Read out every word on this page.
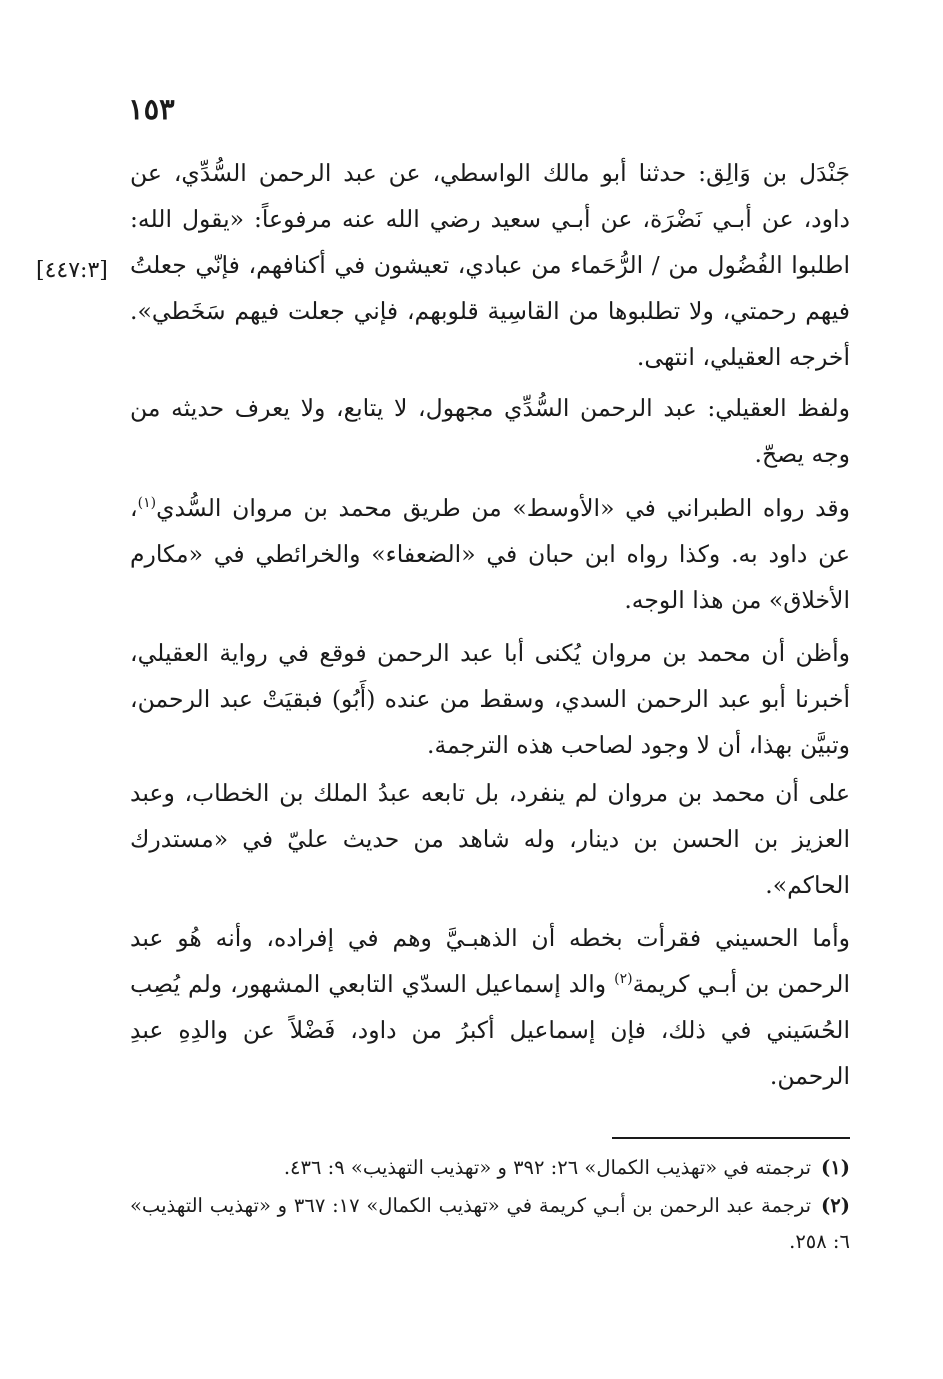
١٥٣
[٤٤٧:٣]

جَنْدَل بن وَالِق: حدثنا أبو مالك الواسطي، عن عبد الرحمن السُّدِّي، عن داود، عن أبـي نَضْرَة، عن أبـي سعيد رضي الله عنه مرفوعاً: «يقول الله: اطلبوا الفُضُول من / الرُّحَماء من عبادي، تعيشون في أكنافهم، فإنّي جعلتُ فيهم رحمتي، ولا تطلبوها من القاسِية قلوبهم، فإني جعلت فيهم سَخَطي». أخرجه العقيلي، انتهى.

ولفظ العقيلي: عبد الرحمن السُّدِّي مجهول، لا يتابع، ولا يعرف حديثه من وجه يصحّ.

وقد رواه الطبراني في «الأوسط» من طريق محمد بن مروان السُّدي$^{(١)}$، عن داود به. وكذا رواه ابن حبان في «الضعفاء» والخرائطي في «مكارم الأخلاق» من هذا الوجه.

وأظن أن محمد بن مروان يُكنى أبا عبد الرحمن فوقع في رواية العقيلي، أخبرنا أبو عبد الرحمن السدي، وسقط من عنده (أَبُو) فبقيَتْ عبد الرحمن، وتبيَّن بهذا، أن لا وجود لصاحب هذه الترجمة.

على أن محمد بن مروان لم ينفرد، بل تابعه عبدُ الملك بن الخطاب، وعبد العزيز بن الحسن بن دينار، وله شاهد من حديث عليّ في «مستدرك الحاكم».

وأما الحسيني فقرأت بخطه أن الذهبـيَّ وهم في إفراده، وأنه هُو عبد الرحمن بن أبـي كريمة$^{(٢)}$ والد إسماعيل السدّي التابعي المشهور، ولم يُصِب الحُسَيني في ذلك، فإن إسماعيل أكبرُ من داود، فَضْلاً عن والدِهِ عبدِ الرحمن.

(١)ترجمته في «تهذيب الكمال» ٢٦: ٣٩٢ و «تهذيب التهذيب» ٩: ٤٣٦.

(٢)ترجمة عبد الرحمن بن أبـي كريمة في «تهذيب الكمال» ١٧: ٣٦٧ و «تهذيب التهذيب» ٦: ٢٥٨.
